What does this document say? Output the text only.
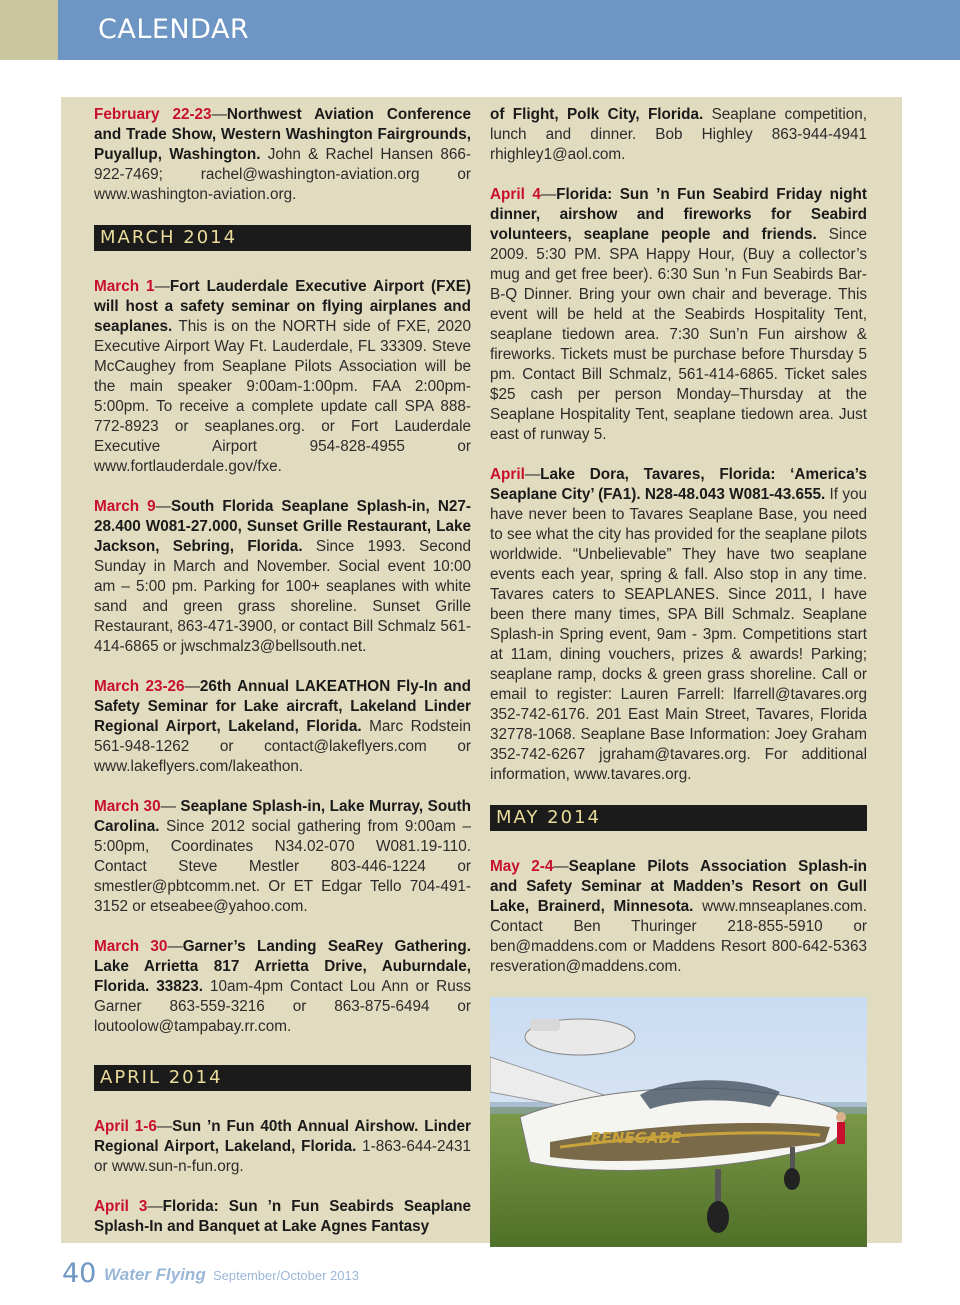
CALENDAR

February 22-23—Northwest Aviation Conference and Trade Show, Western Washington Fairgrounds, Puyallup, Washington. John & Rachel Hansen 866-922-7469; rachel@washington-aviation.org or www.washington-aviation.org.

MARCH 2014

March 1—Fort Lauderdale Executive Airport (FXE) will host a safety seminar on flying airplanes and seaplanes. This is on the NORTH side of FXE, 2020 Executive Airport Way Ft. Lauderdale, FL 33309. Steve McCaughey from Seaplane Pilots Association will be the main speaker 9:00am-1:00pm. FAA 2:00pm-5:00pm. To receive a complete update call SPA 888-772-8923 or seaplanes.org. or Fort Lauderdale Executive Airport 954-828-4955 or www.fortlauderdale.gov/fxe.

March 9—South Florida Seaplane Splash-in, N27-28.400 W081-27.000, Sunset Grille Restaurant, Lake Jackson, Sebring, Florida. Since 1993. Second Sunday in March and November. Social event 10:00 am – 5:00 pm. Parking for 100+ seaplanes with white sand and green grass shoreline. Sunset Grille Restaurant, 863-471-3900, or contact Bill Schmalz 561-414-6865 or jwschmalz3@bellsouth.net.

March 23-26—26th Annual LAKEATHON Fly-In and Safety Seminar for Lake aircraft, Lakeland Linder Regional Airport, Lakeland, Florida. Marc Rodstein 561-948-1262 or contact@lakeflyers.com or www.lakeflyers.com/lakeathon.

March 30— Seaplane Splash-in, Lake Murray, South Carolina. Since 2012 social gathering from 9:00am – 5:00pm, Coordinates N34.02-070 W081.19-110. Contact Steve Mestler 803-446-1224 or smestler@pbtcomm.net. Or ET Edgar Tello 704-491-3152 or etseabee@yahoo.com.

March 30—Garner’s Landing SeaRey Gathering. Lake Arrietta 817 Arrietta Drive, Auburndale, Florida. 33823. 10am-4pm Contact Lou Ann or Russ Garner 863-559-3216 or 863-875-6494 or loutoolow@tampabay.rr.com.

APRIL 2014

April 1-6—Sun ’n Fun 40th Annual Airshow. Linder Regional Airport, Lakeland, Florida. 1-863-644-2431 or www.sun-n-fun.org.

April 3—Florida: Sun ’n Fun Seabirds Seaplane Splash-In and Banquet at Lake Agnes Fantasy

of Flight, Polk City, Florida. Seaplane competition, lunch and dinner. Bob Highley 863-944-4941 rhighley1@aol.com.

April 4—Florida: Sun ’n Fun Seabird Friday night dinner, airshow and fireworks for Seabird volunteers, seaplane people and friends. Since 2009. 5:30 PM. SPA Happy Hour, (Buy a collector’s mug and get free beer). 6:30 Sun ’n Fun Seabirds Bar-B-Q Dinner. Bring your own chair and beverage. This event will be held at the Seabirds Hospitality Tent, seaplane tiedown area. 7:30 Sun’n Fun airshow & fireworks. Tickets must be purchase before Thursday 5 pm. Contact Bill Schmalz, 561-414-6865. Ticket sales $25 cash per person Monday–Thursday at the Seaplane Hospitality Tent, seaplane tiedown area. Just east of runway 5.

April—Lake Dora, Tavares, Florida: ‘America’s Seaplane City’ (FA1). N28-48.043 W081-43.655. If you have never been to Tavares Seaplane Base, you need to see what the city has provided for the seaplane pilots worldwide. “Unbelievable” They have two seaplane events each year, spring & fall. Also stop in any time. Tavares caters to SEAPLANES. Since 2011, I have been there many times, SPA Bill Schmalz. Seaplane Splash-in Spring event, 9am - 3pm. Competitions start at 11am, dining vouchers, prizes & awards! Parking; seaplane ramp, docks & green grass shoreline. Call or email to register: Lauren Farrell: lfarrell@tavares.org 352-742-6176. 201 East Main Street, Tavares, Florida 32778-1068. Seaplane Base Information: Joey Graham 352-742-6267 jgraham@tavares.org. For additional information, www.tavares.org.

MAY 2014

May 2-4—Seaplane Pilots Association Splash-in and Safety Seminar at Madden’s Resort on Gull Lake, Brainerd, Minnesota. www.mnseaplanes.com. Contact Ben Thuringer 218-855-5910 or ben@maddens.com or Maddens Resort 800-642-5363 resveration@maddens.com.

RENEGADE
40 Water Flying September/October 2013
